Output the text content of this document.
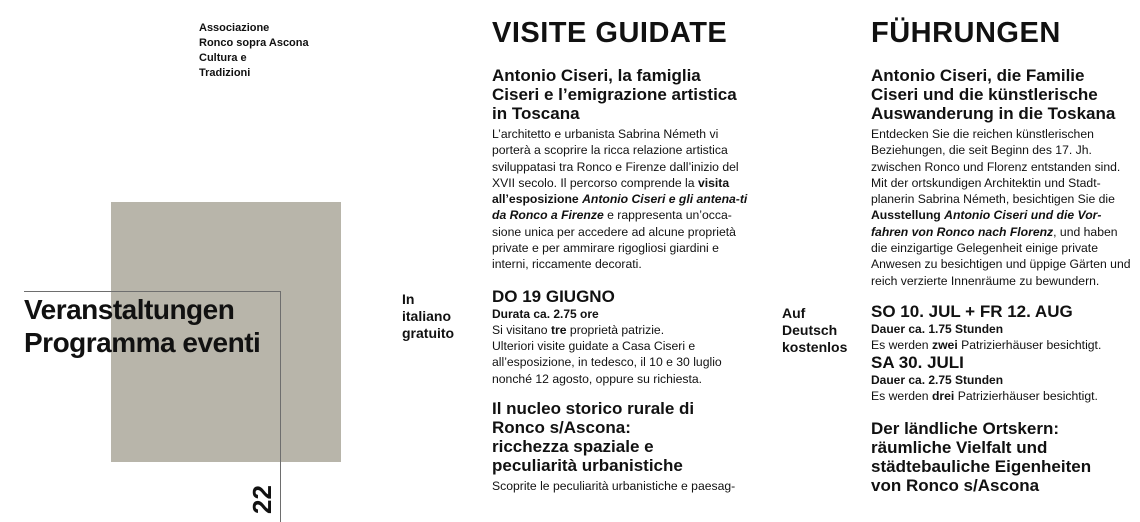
Associazione
Ronco sopra Ascona
Cultura e
Tradizioni
Veranstaltungen
Programma eventi
22
In
italiano
gratuito
VISITE GUIDATE
Antonio Ciseri, la famiglia
Ciseri e l’emigrazione artistica
in Toscana
L’architetto e urbanista Sabrina Németh vi porterà a scoprire la ricca relazione artistica sviluppatasi tra Ronco e Firenze dall’inizio del XVII secolo. Il percorso comprende la visita all’esposizione Antonio Ciseri e gli antena-ti da Ronco a Firenze e rappresenta un’occa-sione unica per accedere ad alcune proprietà private e per ammirare rigogliosi giardini e interni, riccamente decorati.
DO 19 GIUGNO
Durata ca. 2.75 ore
Si visitano tre proprietà patrizie.
Ulteriori visite guidate a Casa Ciseri e all’esposizione, in tedesco, il 10 e 30 luglio nonché 12 agosto, oppure su richiesta.
Il nucleo storico rurale di
Ronco s/Ascona:
ricchezza spaziale e
peculiarità urbanistiche
Scoprite le peculiarità urbanistiche e paesag-
Auf
Deutsch
kostenlos
FÜHRUNGEN
Antonio Ciseri, die Familie
Ciseri und die künstlerische
Auswanderung in die Toskana
Entdecken Sie die reichen künstlerischen Beziehungen, die seit Beginn des 17. Jh. zwischen Ronco und Florenz entstanden sind. Mit der ortskundigen Architektin und Stadt-planerin Sabrina Németh, besichtigen Sie die Ausstellung Antonio Ciseri und die Vor-fahren von Ronco nach Florenz, und haben die einzigartige Gelegenheit einige private Anwesen zu besichtigen und üppige Gärten und reich verzierte Innenräume zu bewundern.
SO 10. JUL + FR 12. AUG
Dauer ca. 1.75 Stunden
Es werden zwei Patrizierhäuser besichtigt.
SA 30. JULI
Dauer ca. 2.75 Stunden
Es werden drei Patrizierhäuser besichtigt.
Der ländliche Ortskern:
räumliche Vielfalt und
städtebauliche Eigenheiten
von Ronco s/Ascona
